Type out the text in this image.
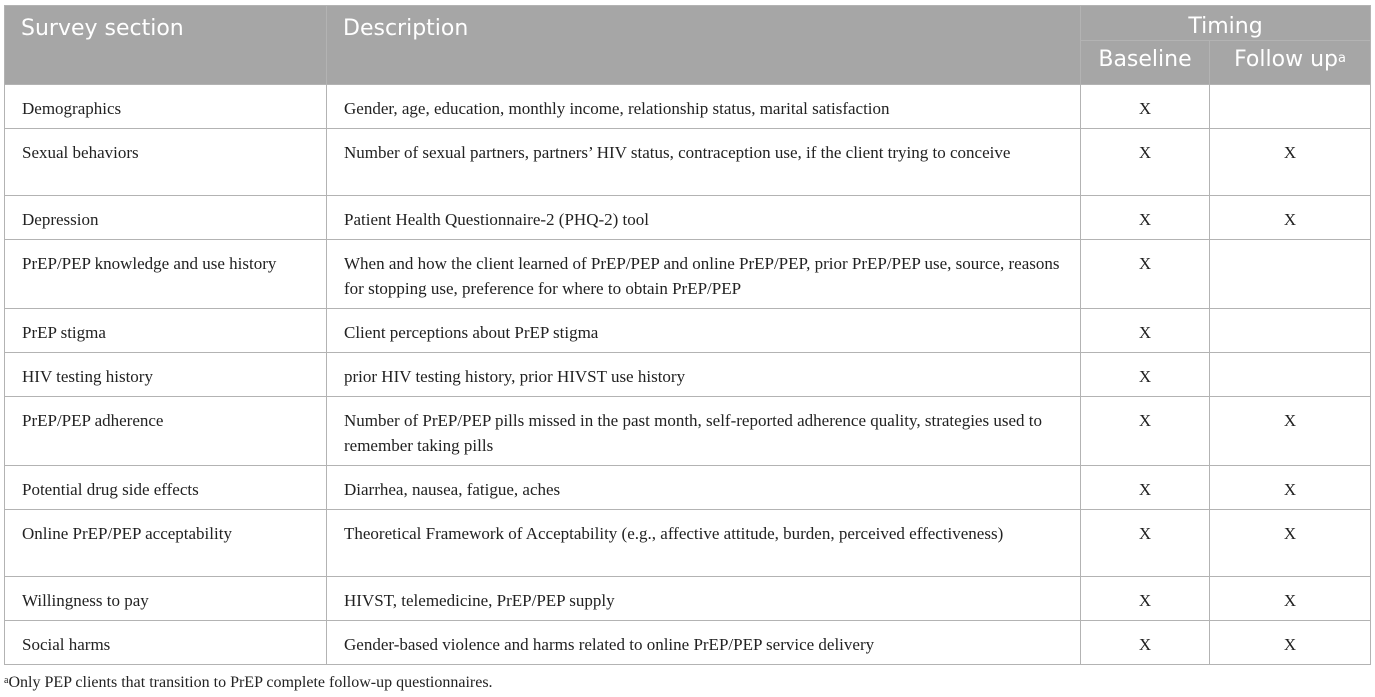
Survey section	Description	Timing	
		Baseline	Follow up$^a$
Demographics	Gender, age, education, monthly income, relationship status, marital satisfaction	X	
Sexual behaviors	Number of sexual partners, partners’ HIV status, contraception use, if the client trying to conceive	X	X
Depression	Patient Health Questionnaire-2 (PHQ-2) tool	X	X
PrEP/PEP knowledge and use history	When and how the client learned of PrEP/PEP and online PrEP/PEP, prior PrEP/PEP use, source, reasons for stopping use, preference for where to obtain PrEP/PEP	X	
PrEP stigma	Client perceptions about PrEP stigma	X	
HIV testing history	prior HIV testing history, prior HIVST use history	X	
PrEP/PEP adherence	Number of PrEP/PEP pills missed in the past month, self-reported adherence quality, strategies used to remember taking pills	X	X
Potential drug side effects	Diarrhea, nausea, fatigue, aches	X	X
Online PrEP/PEP acceptability	Theoretical Framework of Acceptability (e.g., affective attitude, burden, perceived effectiveness)	X	X
Willingness to pay	HIVST, telemedicine, PrEP/PEP supply	X	X
Social harms	Gender-based violence and harms related to online PrEP/PEP service delivery	X	X
$^a$Only PEP clients that transition to PrEP complete follow-up questionnaires.
